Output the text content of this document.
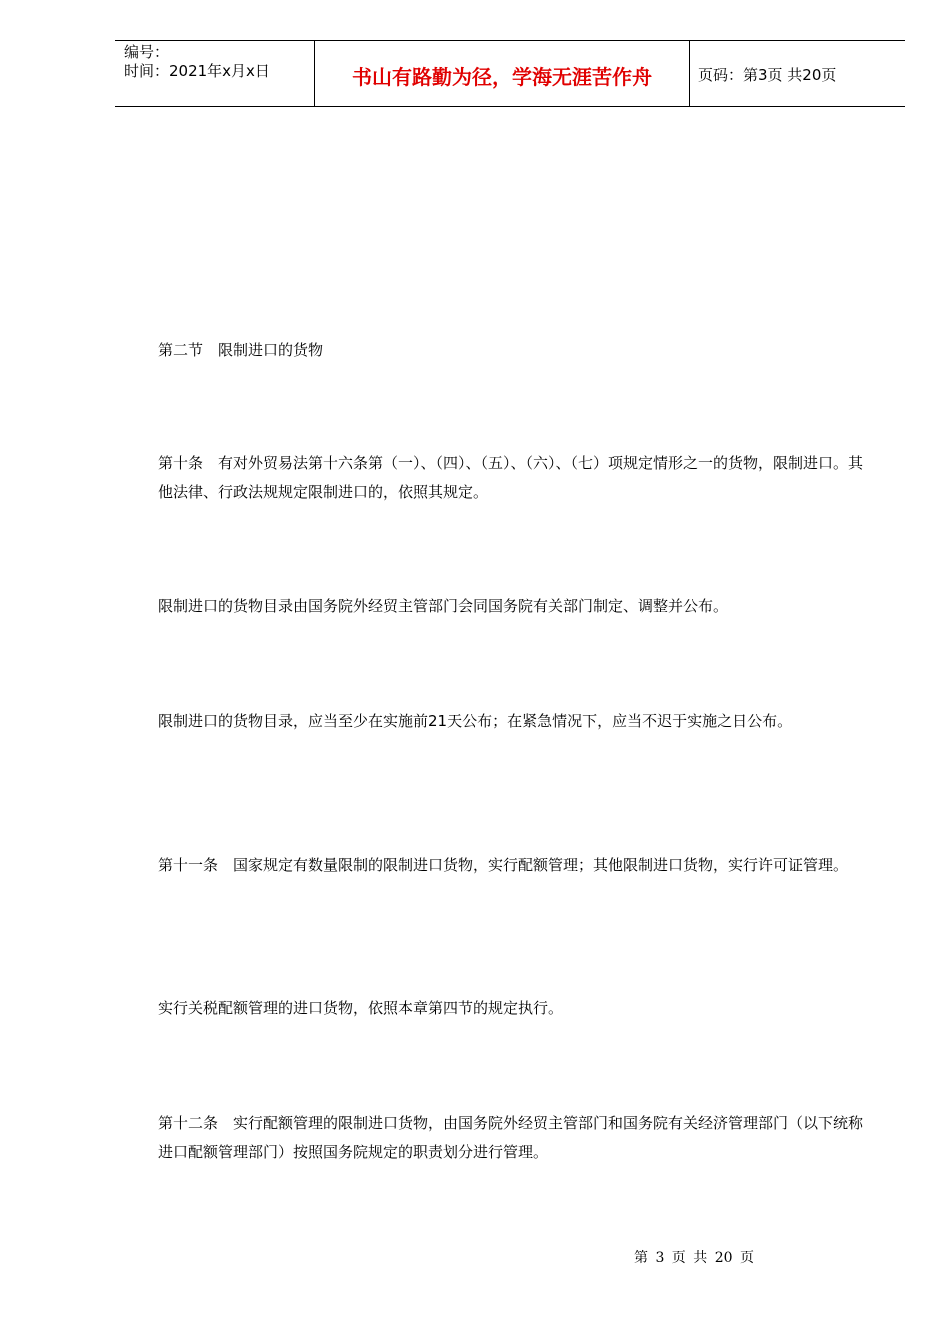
编号：
时间：2021年x月x日	书山有路勤为径，学海无涯苦作舟	页码：第3页 共20页
第二节　限制进口的货物
第十条　有对外贸易法第十六条第（一）、（四）、（五）、（六）、（七）项规定情形之一的货物，限制进口。其他法律、行政法规规定限制进口的，依照其规定。
限制进口的货物目录由国务院外经贸主管部门会同国务院有关部门制定、调整并公布。
限制进口的货物目录，应当至少在实施前21天公布；在紧急情况下，应当不迟于实施之日公布。
第十一条　国家规定有数量限制的限制进口货物，实行配额管理；其他限制进口货物，实行许可证管理。
实行关税配额管理的进口货物，依照本章第四节的规定执行。
第十二条　实行配额管理的限制进口货物，由国务院外经贸主管部门和国务院有关经济管理部门（以下统称进口配额管理部门）按照国务院规定的职责划分进行管理。
第 3 页 共 20 页
